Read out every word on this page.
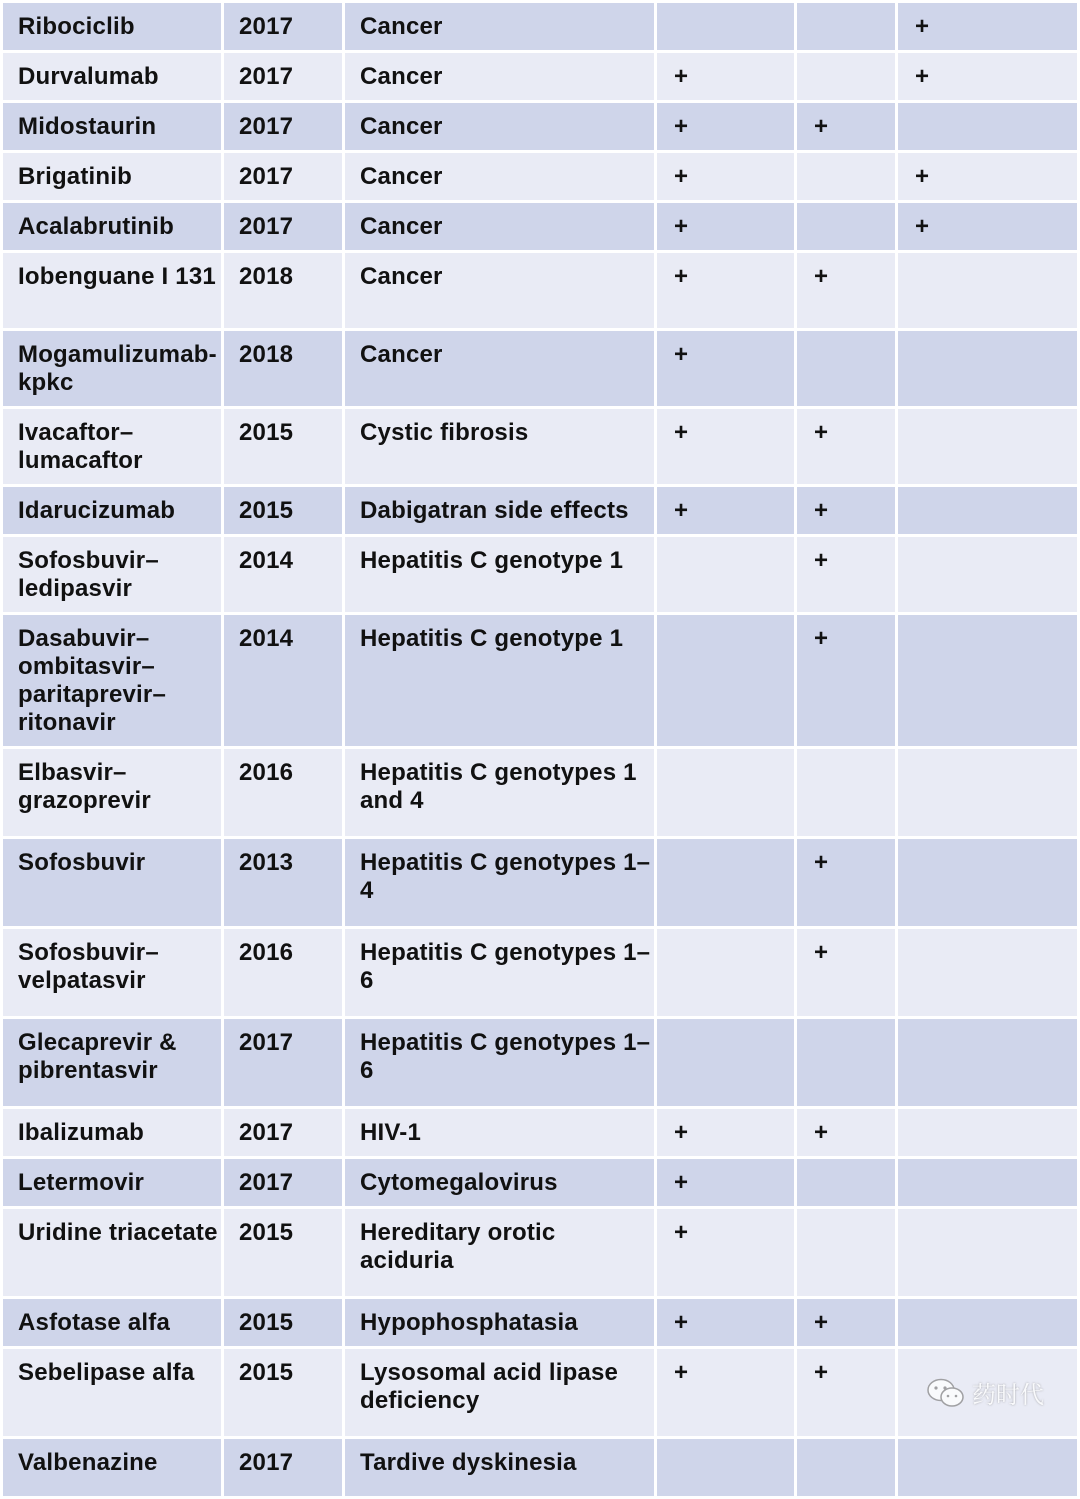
Ribociclib	2017	Cancer			+
Durvalumab	2017	Cancer	+		+
Midostaurin	2017	Cancer	+	+	
Brigatinib	2017	Cancer	+		+
Acalabrutinib	2017	Cancer	+		+
Iobenguane I 131	2018	Cancer	+	+	
Mogamulizumab-kpkc	2018	Cancer	+		
Ivacaftor–lumacaftor	2015	Cystic fibrosis	+	+	
Idarucizumab	2015	Dabigatran side effects	+	+	
Sofosbuvir–ledipasvir	2014	Hepatitis C genotype 1		+	
Dasabuvir–ombitasvir–paritaprevir–ritonavir	2014	Hepatitis C genotype 1		+	
Elbasvir–grazoprevir	2016	Hepatitis C genotypes 1 and 4			
Sofosbuvir	2013	Hepatitis C genotypes 1–4		+	
Sofosbuvir–velpatasvir	2016	Hepatitis C genotypes 1–6		+	
Glecaprevir & pibrentasvir	2017	Hepatitis C genotypes 1–6			
Ibalizumab	2017	HIV-1	+	+	
Letermovir	2017	Cytomegalovirus	+		
Uridine triacetate	2015	Hereditary orotic aciduria	+		
Asfotase alfa	2015	Hypophosphatasia	+	+	
Sebelipase alfa	2015	Lysosomal acid lipase deficiency	+	+	
Valbenazine	2017	Tardive dyskinesia			
药时代
